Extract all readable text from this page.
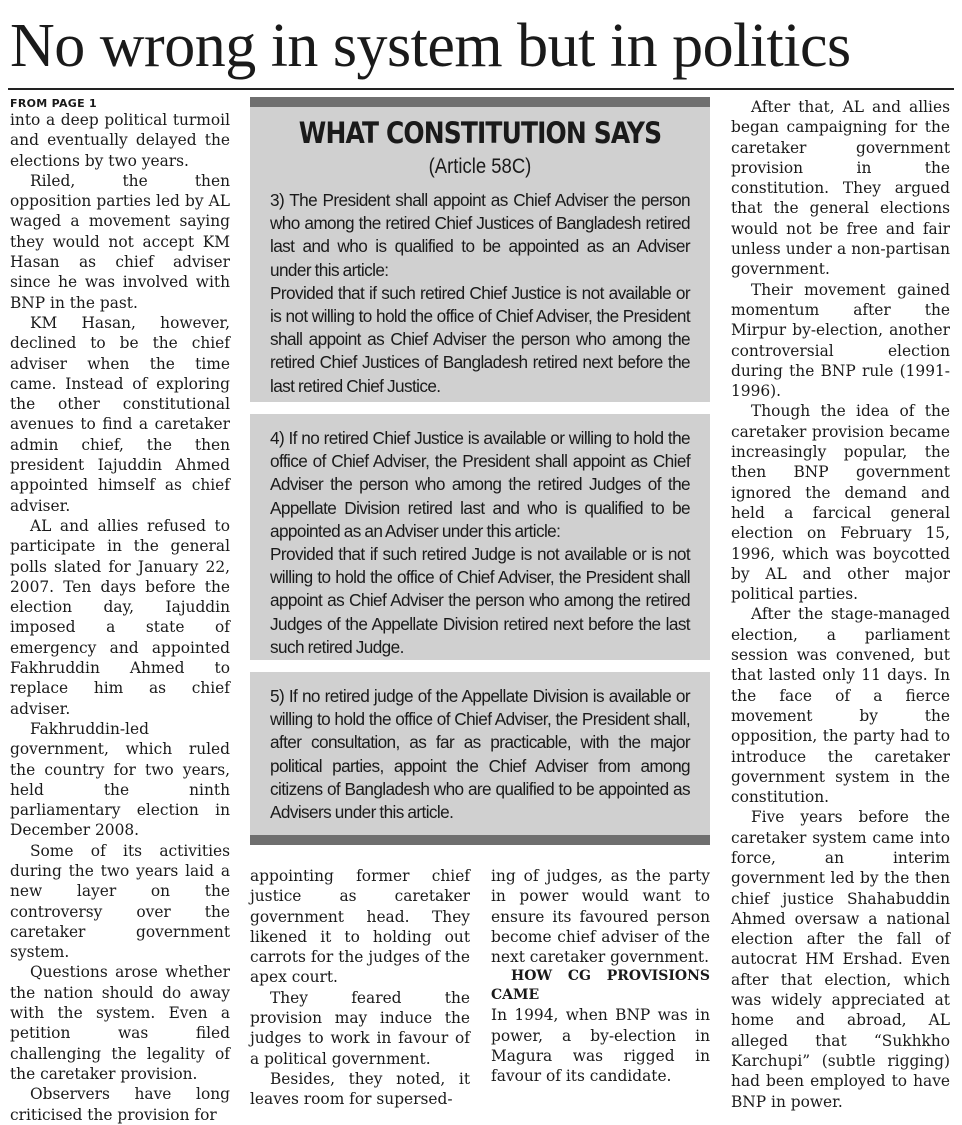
No wrong in system but in politics
FROM PAGE 1

into a deep political turmoil and eventually delayed the elections by two years.

Riled, the then opposition parties led by AL waged a movement saying they would not accept KM Hasan as chief adviser since he was involved with BNP in the past.

KM Hasan, however, declined to be the chief adviser when the time came. Instead of exploring the other constitutional avenues to find a caretaker admin chief, the then president Iajuddin Ahmed appointed himself as chief adviser.

AL and allies refused to participate in the general polls slated for January 22, 2007. Ten days before the election day, Iajuddin imposed a state of emergency and appointed Fakhruddin Ahmed to replace him as chief adviser.

Fakhruddin-led government, which ruled the country for two years, held the ninth parliamentary election in December 2008.

Some of its activities during the two years laid a new layer on the controversy over the caretaker government system.

Questions arose whether the nation should do away with the system. Even a petition was filed challenging the legality of the caretaker provision.

Observers have long criticised the provision for

WHAT CONSTITUTION SAYS
(Article 58C)

3) The President shall appoint as Chief Adviser the person who among the retired Chief Justices of Bangladesh retired last and who is qualified to be appointed as an Adviser under this article:

Provided that if such retired Chief Justice is not available or is not willing to hold the office of Chief Adviser, the President shall appoint as Chief Adviser the person who among the retired Chief Justices of Bangladesh retired next before the last retired Chief Justice.

4) If no retired Chief Justice is available or willing to hold the office of Chief Adviser, the President shall appoint as Chief Adviser the person who among the retired Judges of the Appellate Division retired last and who is qualified to be appointed as an Adviser under this article:

Provided that if such retired Judge is not available or is not willing to hold the office of Chief Adviser, the President shall appoint as Chief Adviser the person who among the retired Judges of the Appellate Division retired next before the last such retired Judge.

5) If no retired judge of the Appellate Division is available or willing to hold the office of Chief Adviser, the President shall, after consultation, as far as practicable, with the major political parties, appoint the Chief Adviser from among citizens of Bangladesh who are qualified to be appointed as Advisers under this article.

appointing former chief justice as caretaker government head. They likened it to holding out carrots for the judges of the apex court.

They feared the provision may induce the judges to work in favour of a political government.

Besides, they noted, it leaves room for supersed-

ing of judges, as the party in power would want to ensure its favoured person become chief adviser of the next caretaker government.

HOW CG PROVISIONS CAME

In 1994, when BNP was in power, a by-election in Magura was rigged in favour of its candidate.

After that, AL and allies began campaigning for the caretaker government provision in the constitution. They argued that the general elections would not be free and fair unless under a non-partisan government.

Their movement gained momentum after the Mirpur by-election, another controversial election during the BNP rule (1991-1996).

Though the idea of the caretaker provision became increasingly popular, the then BNP government ignored the demand and held a farcical general election on February 15, 1996, which was boycotted by AL and other major political parties.

After the stage-managed election, a parliament session was convened, but that lasted only 11 days. In the face of a fierce movement by the opposition, the party had to introduce the caretaker government system in the constitution.

Five years before the caretaker system came into force, an interim government led by the then chief justice Shahabuddin Ahmed oversaw a national election after the fall of autocrat HM Ershad. Even after that election, which was widely appreciated at home and abroad, AL alleged that “Sukhkho Karchupi” (subtle rigging) had been employed to have BNP in power.
